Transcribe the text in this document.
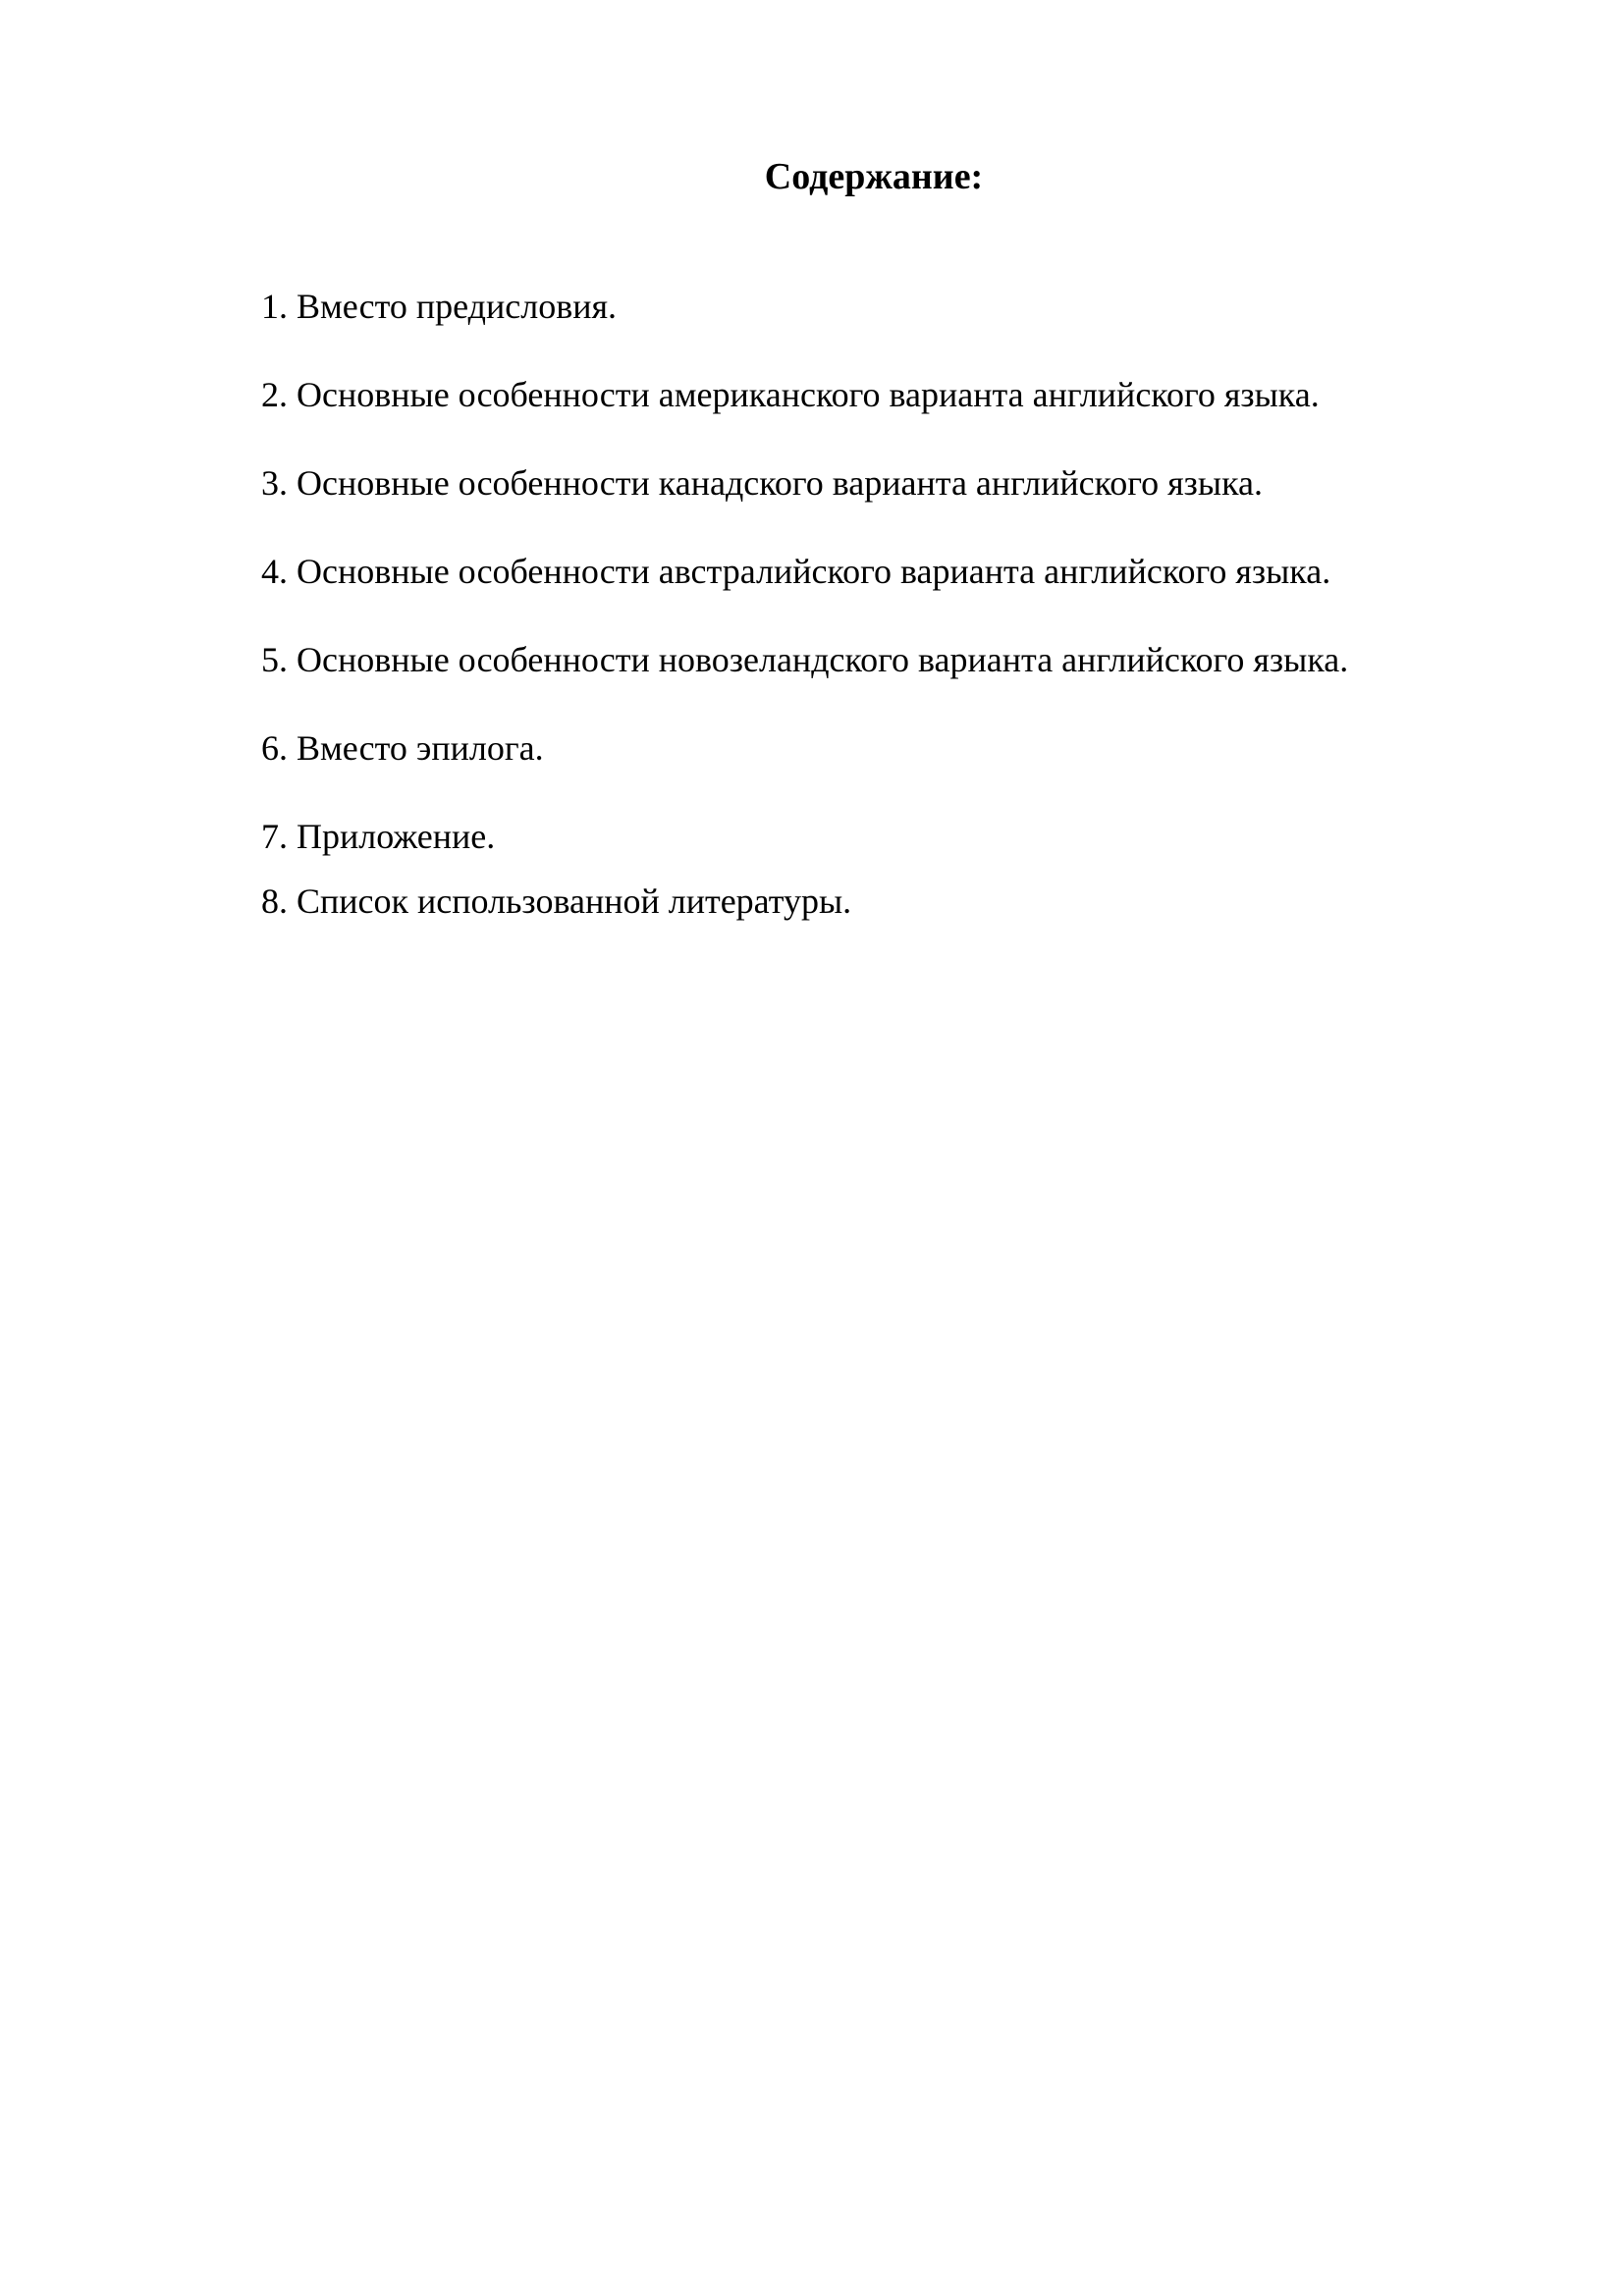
Содержание:
1. Вместо предисловия.
2. Основные особенности американского варианта английского языка.
3. Основные особенности канадского варианта английского языка.
4. Основные особенности австралийского варианта английского языка.
5. Основные особенности новозеландского варианта английского языка.
6. Вместо эпилога.
7. Приложение.
8. Список использованной литературы.
